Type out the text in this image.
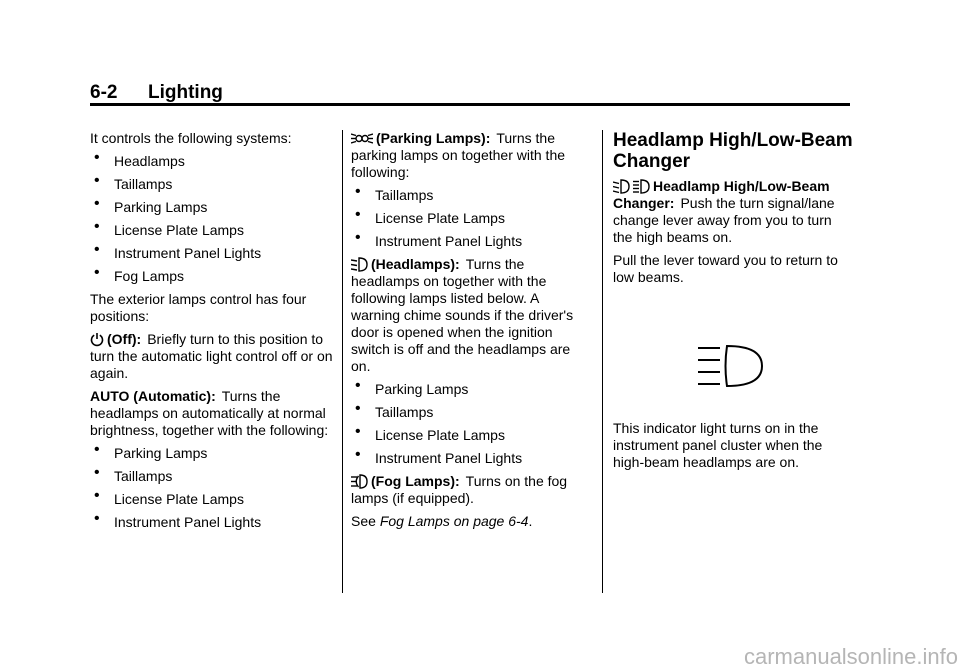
6-2 Lighting

It controls the following systems:

• Headlamps
• Taillamps
• Parking Lamps
• License Plate Lamps
• Instrument Panel Lights
• Fog Lamps

The exterior lamps control has four positions:

(Off): Briefly turn to this position to turn the automatic light control off or on again.

AUTO (Automatic): Turns the headlamps on automatically at normal brightness, together with the following:

• Parking Lamps
• Taillamps
• License Plate Lamps
• Instrument Panel Lights

(Parking Lamps): Turns the parking lamps on together with the following:

• Taillamps
• License Plate Lamps
• Instrument Panel Lights

(Headlamps): Turns the headlamps on together with the following lamps listed below. A warning chime sounds if the driver's door is opened when the ignition switch is off and the headlamps are on.

• Parking Lamps
• Taillamps
• License Plate Lamps
• Instrument Panel Lights

(Fog Lamps): Turns on the fog lamps (if equipped).

See Fog Lamps on page 6-4.

Headlamp High/Low-Beam Changer

Headlamp High/Low-Beam Changer: Push the turn signal/lane change lever away from you to turn the high beams on.

Pull the lever toward you to return to low beams.

This indicator light turns on in the instrument panel cluster when the high-beam headlamps are on.

carmanualsonline.info
